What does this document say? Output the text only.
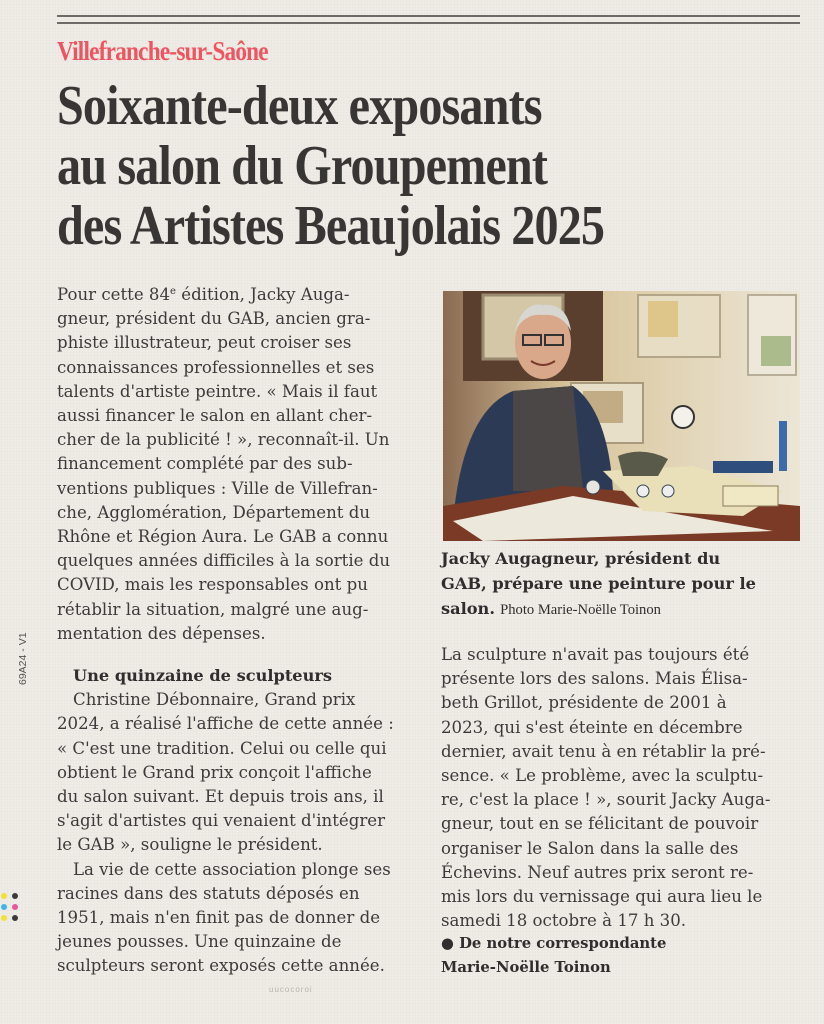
Villefranche-sur-Saône
Soixante-deux exposants
au salon du Groupement
des Artistes Beaujolais 2025
Pour cette 84e édition, Jacky Auga-
gneur, président du GAB, ancien gra-
phiste illustrateur, peut croiser ses
connaissances professionnelles et ses
talents d'artiste peintre. « Mais il faut
aussi financer le salon en allant cher-
cher de la publicité ! », reconnaît-il. Un
financement complété par des sub-
ventions publiques : Ville de Villefran-
che, Agglomération, Département du
Rhône et Région Aura. Le GAB a connu
quelques années difficiles à la sortie du
COVID, mais les responsables ont pu
rétablir la situation, malgré une aug-
mentation des dépenses.
Une quinzaine de sculpteurs
Christine Débonnaire, Grand prix
2024, a réalisé l'affiche de cette année :
« C'est une tradition. Celui ou celle qui
obtient le Grand prix conçoit l'affiche
du salon suivant. Et depuis trois ans, il
s'agit d'artistes qui venaient d'intégrer
le GAB », souligne le président.
La vie de cette association plonge ses
racines dans des statuts déposés en
1951, mais n'en finit pas de donner de
jeunes pousses. Une quinzaine de
sculpteurs seront exposés cette année.
Jacky Augagneur, président du
GAB, prépare une peinture pour le
salon. Photo Marie-Noëlle Toinon
La sculpture n'avait pas toujours été
présente lors des salons. Mais Élisa-
beth Grillot, présidente de 2001 à
2023, qui s'est éteinte en décembre
dernier, avait tenu à en rétablir la pré-
sence. « Le problème, avec la sculptu-
re, c'est la place ! », sourit Jacky Auga-
gneur, tout en se félicitant de pouvoir
organiser le Salon dans la salle des
Échevins. Neuf autres prix seront re-
mis lors du vernissage qui aura lieu le
samedi 18 octobre à 17 h 30.
● De notre correspondante
Marie-Noëlle Toinon
69A24 - V1
uucocoroi
